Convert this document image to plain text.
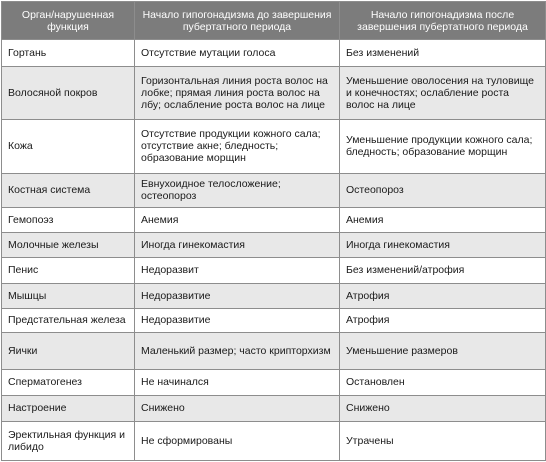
Орган/нарушенная функция	Начало гипогонадизма до завершения пубертатного периода	Начало гипогонадизма после завершения пубертатного периода
Гортань	Отсутствие мутации голоса	Без изменений
Волосяной покров	Горизонтальная линия роста волос на лобке; прямая линия роста волос на лбу; ослабление роста волос на лице	Уменьшение оволосения на туловище и конечностях; ослабление роста волос на лице
Кожа	Отсутствие продукции кожного сала; отсутствие акне; бледность; образование морщин	Уменьшение продукции кожного сала; бледность; образование морщин
Костная система	Евнухоидное телосложение; остеопороз	Остеопороз
Гемопоэз	Анемия	Анемия
Молочные железы	Иногда гинекомастия	Иногда гинекомастия
Пенис	Недоразвит	Без изменений/атрофия
Мышцы	Недоразвитие	Атрофия
Предстательная железа	Недоразвитие	Атрофия
Яички	Маленький размер; часто крипторхизм	Уменьшение размеров
Сперматогенез	Не начинался	Остановлен
Настроение	Снижено	Снижено
Эректильная функция и либидо	Не сформированы	Утрачены
